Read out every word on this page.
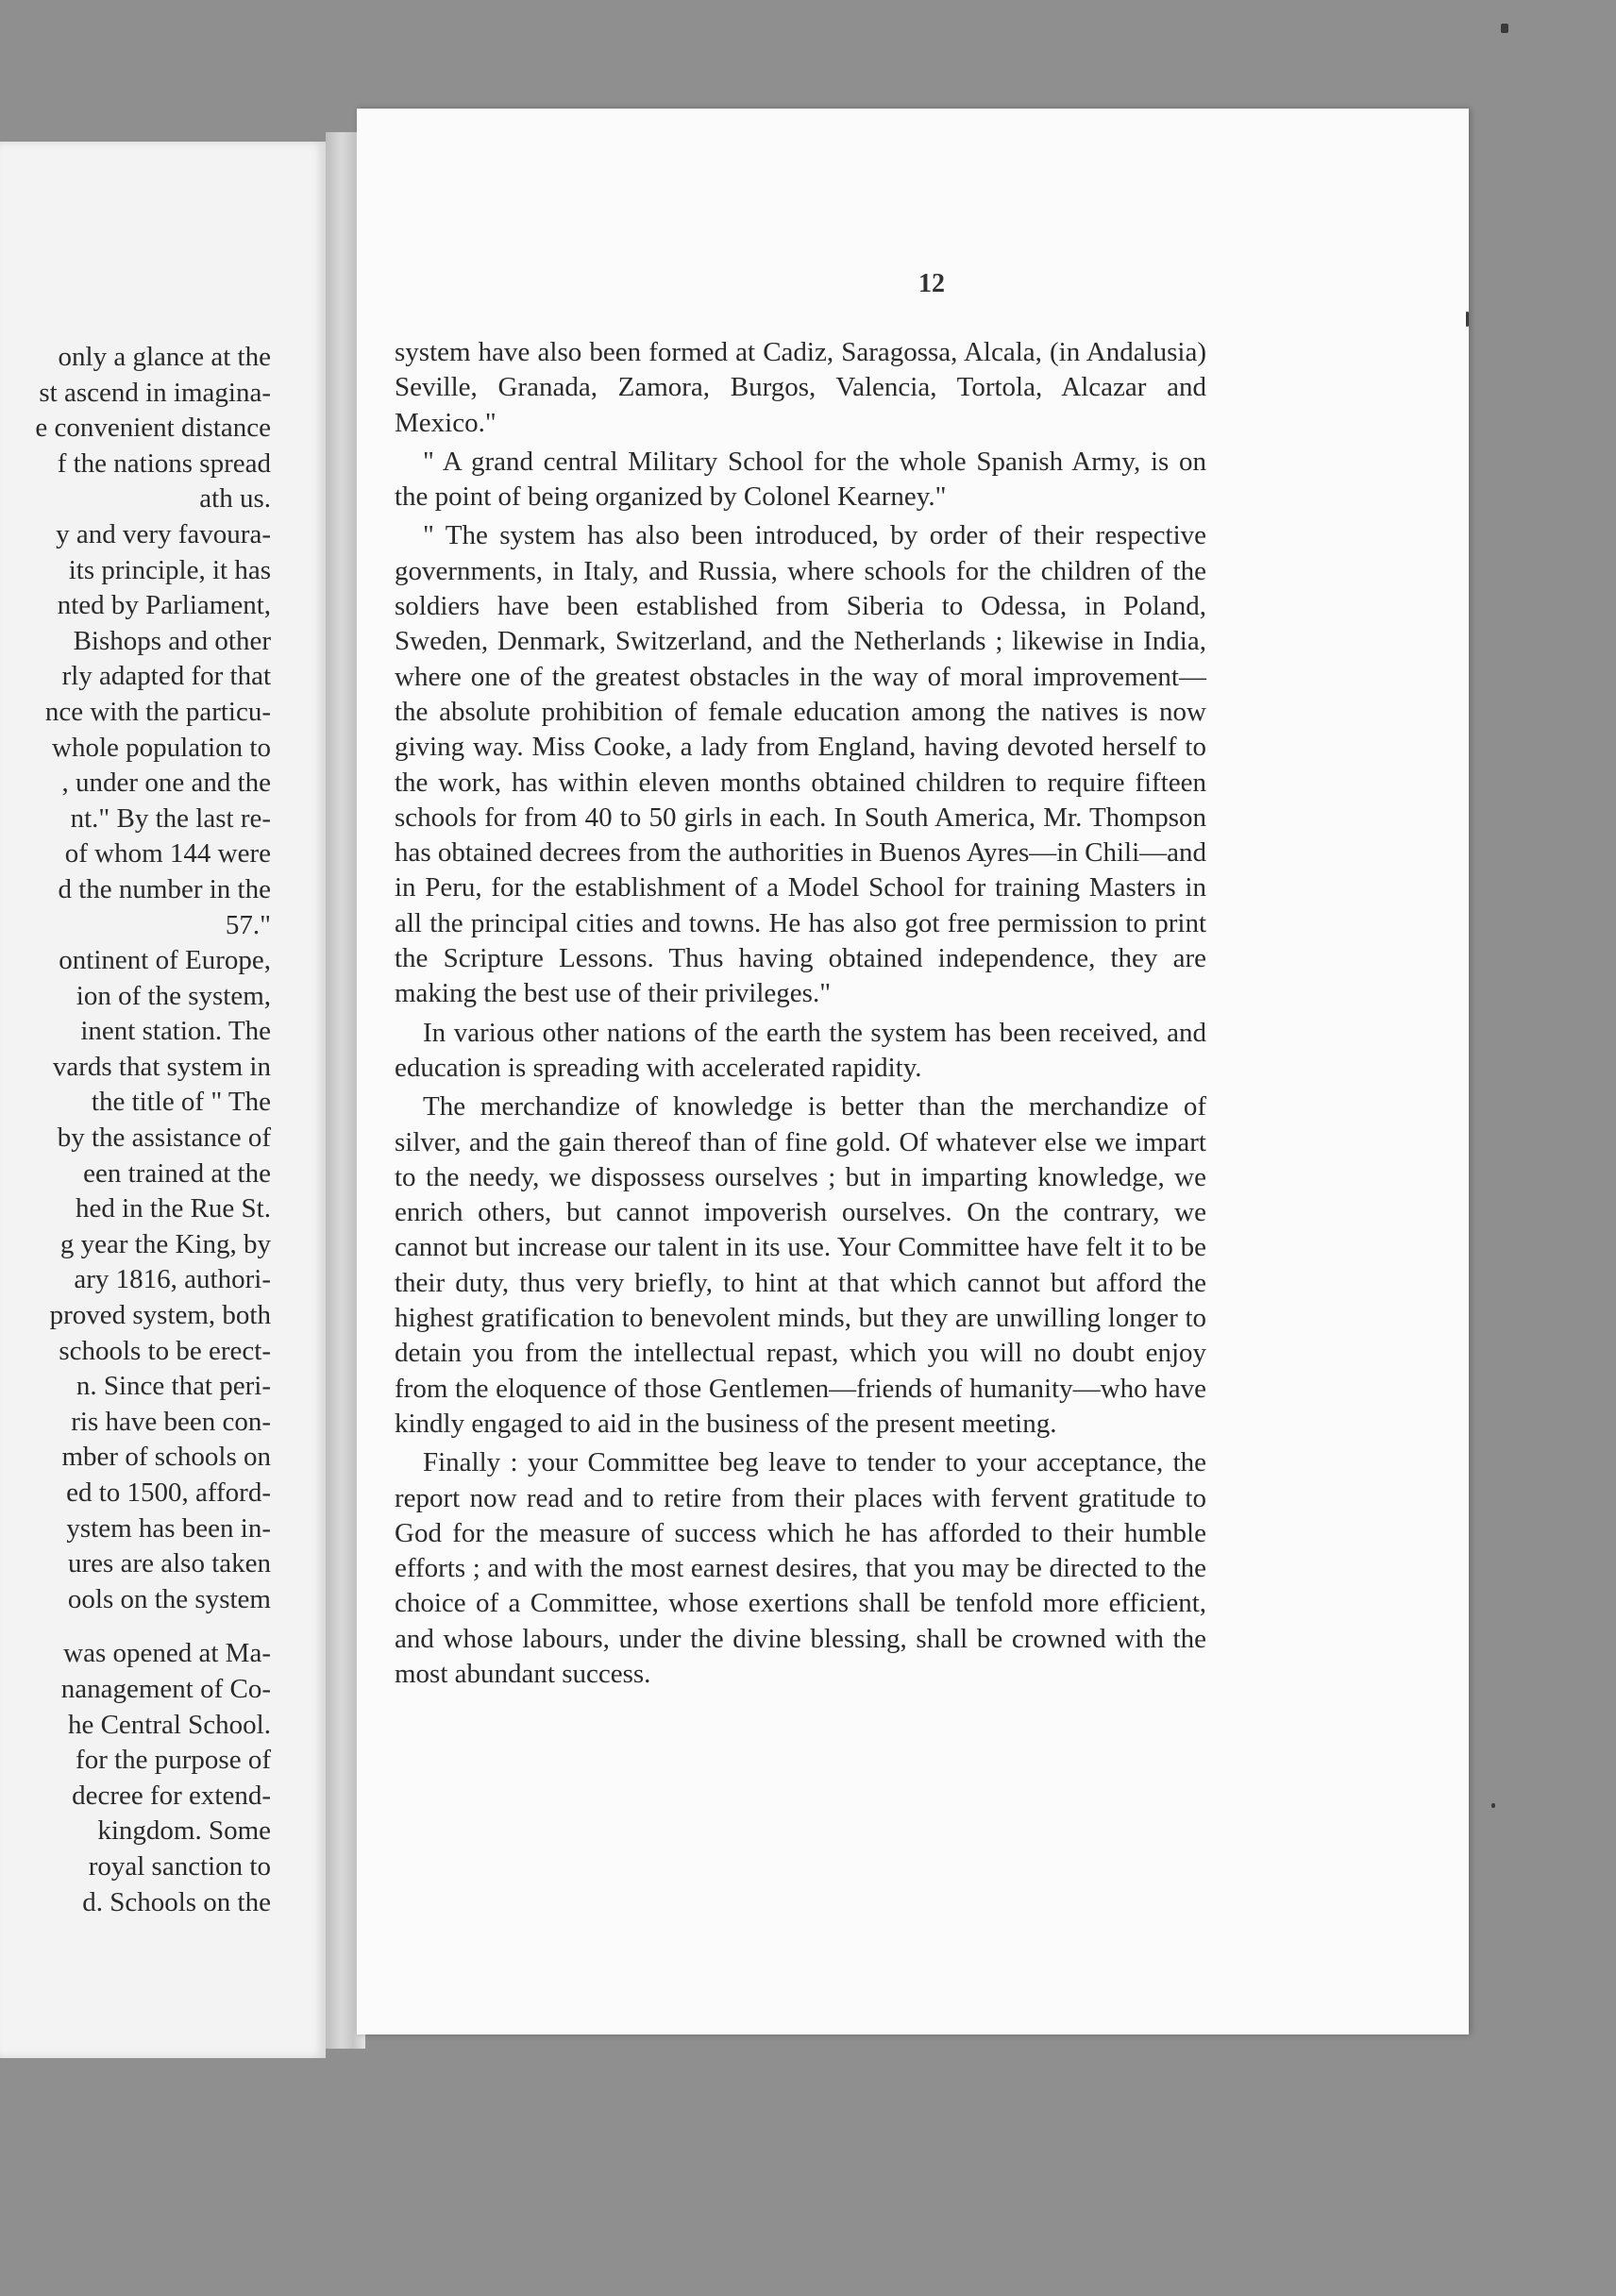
only a glance at the
st ascend in imagina-
e convenient distance
f the nations spread
ath us.
y and very favoura-
its principle, it has
nted by Parliament,
Bishops and other
rly adapted for that
nce with the particu-
whole population to
, under one and the
nt." By the last re-
of whom 144 were
d the number in the
57."
ontinent of Europe,
ion of the system,
inent station. The
vards that system in
the title of " The
by the assistance of
een trained at the
hed in the Rue St.
g year the King, by
ary 1816, authori-
proved system, both
schools to be erect-
n. Since that peri-
ris have been con-
mber of schools on
ed to 1500, afford-
ystem has been in-
ures are also taken
ools on the system
was opened at Ma-
nanagement of Co-
he Central School.
for the purpose of
decree for extend-
kingdom. Some
royal sanction to
d. Schools on the
12

system have also been formed at Cadiz, Saragossa, Alcala, (in Andalusia) Seville, Granada, Zamora, Burgos, Valencia, Tortola, Alcazar and Mexico."

" A grand central Military School for the whole Spanish Army, is on the point of being organized by Colonel Kearney."

" The system has also been introduced, by order of their respective governments, in Italy, and Russia, where schools for the children of the soldiers have been established from Siberia to Odessa, in Poland, Sweden, Denmark, Switzerland, and the Netherlands ; likewise in India, where one of the greatest obstacles in the way of moral improvement—the absolute prohibition of female education among the natives is now giving way. Miss Cooke, a lady from England, having devoted herself to the work, has within eleven months obtained children to require fifteen schools for from 40 to 50 girls in each. In South America, Mr. Thompson has obtained decrees from the authorities in Buenos Ayres—in Chili—and in Peru, for the establishment of a Model School for training Masters in all the principal cities and towns. He has also got free permission to print the Scripture Lessons. Thus having obtained independence, they are making the best use of their privileges."

In various other nations of the earth the system has been received, and education is spreading with accelerated rapidity.

The merchandize of knowledge is better than the merchandize of silver, and the gain thereof than of fine gold. Of whatever else we impart to the needy, we dispossess ourselves ; but in imparting knowledge, we enrich others, but cannot impoverish ourselves. On the contrary, we cannot but increase our talent in its use. Your Committee have felt it to be their duty, thus very briefly, to hint at that which cannot but afford the highest gratification to benevolent minds, but they are unwilling longer to detain you from the intellectual repast, which you will no doubt enjoy from the eloquence of those Gentlemen—friends of humanity—who have kindly engaged to aid in the business of the present meeting.

Finally : your Committee beg leave to tender to your acceptance, the report now read and to retire from their places with fervent gratitude to God for the measure of success which he has afforded to their humble efforts ; and with the most earnest desires, that you may be directed to the choice of a Committee, whose exertions shall be tenfold more efficient, and whose labours, under the divine blessing, shall be crowned with the most abundant success.
